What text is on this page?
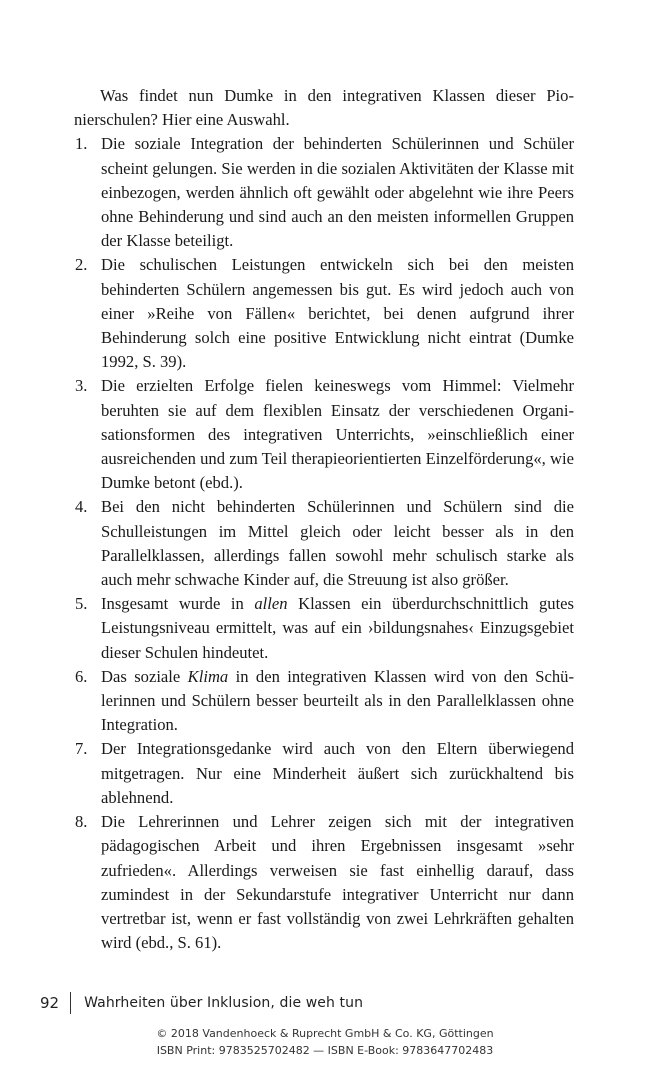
Was findet nun Dumke in den integrativen Klassen dieser Pionierschulen? Hier eine Auswahl.

1. Die soziale Integration der behinderten Schülerinnen und Schüler scheint gelungen. Sie werden in die sozialen Aktivitäten der Klasse mit einbezogen, werden ähnlich oft gewählt oder abgelehnt wie ihre Peers ohne Behinderung und sind auch an den meisten informellen Gruppen der Klasse beteiligt.
2. Die schulischen Leistungen entwickeln sich bei den meisten behinderten Schülern angemessen bis gut. Es wird jedoch auch von einer »Reihe von Fällen« berichtet, bei denen aufgrund ihrer Behinderung solch eine positive Entwicklung nicht eintrat (Dumke 1992, S. 39).
3. Die erzielten Erfolge fielen keineswegs vom Himmel: Vielmehr beruhten sie auf dem flexiblen Einsatz der verschiedenen Organisationsformen des integrativen Unterrichts, »einschließlich einer ausreichenden und zum Teil therapieorientierten Einzelförderung«, wie Dumke betont (ebd.).
4. Bei den nicht behinderten Schülerinnen und Schülern sind die Schulleistungen im Mittel gleich oder leicht besser als in den Parallelklassen, allerdings fallen sowohl mehr schulisch starke als auch mehr schwache Kinder auf, die Streuung ist also größer.
5. Insgesamt wurde in allen Klassen ein überdurchschnittlich gutes Leistungsniveau ermittelt, was auf ein ›bildungsnahes‹ Einzugsgebiet dieser Schulen hindeutet.
6. Das soziale Klima in den integrativen Klassen wird von den Schülerinnen und Schülern besser beurteilt als in den Parallelklassen ohne Integration.
7. Der Integrationsgedanke wird auch von den Eltern überwiegend mitgetragen. Nur eine Minderheit äußert sich zurückhaltend bis ablehnend.
8. Die Lehrerinnen und Lehrer zeigen sich mit der integrativen pädagogischen Arbeit und ihren Ergebnissen insgesamt »sehr zufrieden«. Allerdings verweisen sie fast einhellig darauf, dass zumindest in der Sekundarstufe integrativer Unterricht nur dann vertretbar ist, wenn er fast vollständig von zwei Lehrkräften gehalten wird (ebd., S. 61).
92 Wahrheiten über Inklusion, die weh tun
© 2018 Vandenhoeck & Ruprecht GmbH & Co. KG, Göttingen
ISBN Print: 9783525702482 — ISBN E-Book: 9783647702483
